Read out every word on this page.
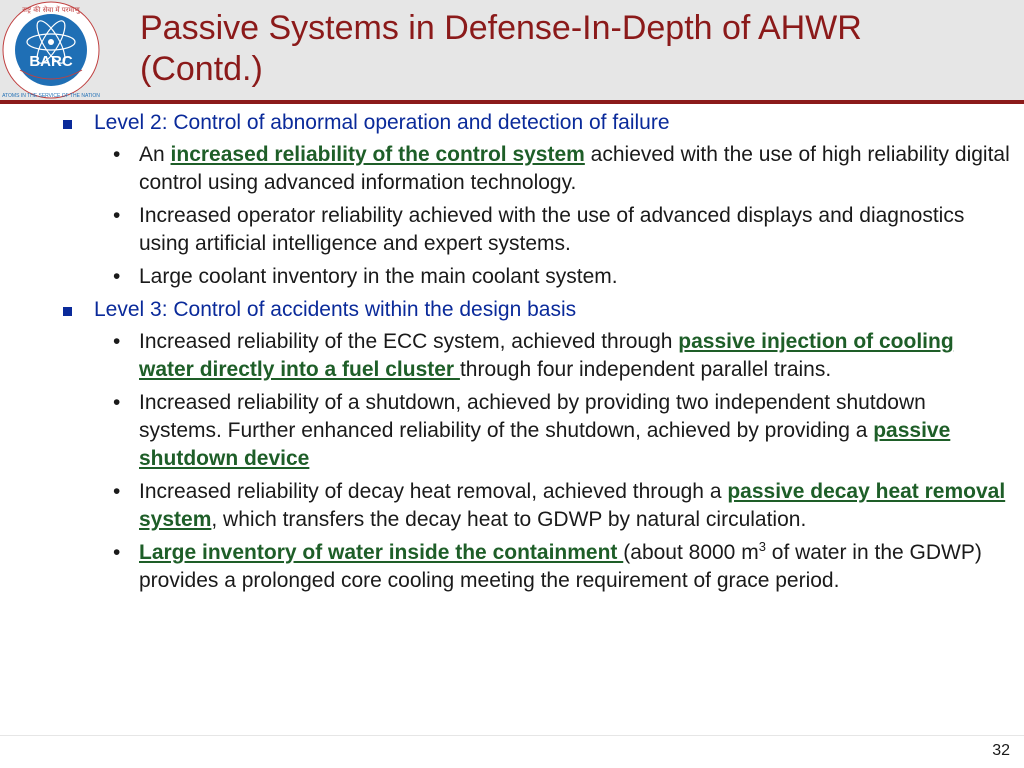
BARC
राष्ट्र की सेवा में परमाणु
ATOMS IN THE SERVICE OF THE NATION
Passive Systems in Defense-In-Depth of AHWR
(Contd.)
Level 2: Control of abnormal operation and detection of failure
• An increased reliability of the control system achieved with the use of high reliability digital control using advanced information technology.
• Increased operator reliability achieved with the use of advanced displays and diagnostics using artificial intelligence and expert systems.
• Large coolant inventory in the main coolant system.
Level 3: Control of accidents within the design basis
• Increased reliability of the ECC system, achieved through passive injection of cooling water directly into a fuel cluster through four independent parallel trains.
• Increased reliability of a shutdown, achieved by providing two independent shutdown systems. Further enhanced reliability of the shutdown, achieved by providing a passive shutdown device
• Increased reliability of decay heat removal, achieved through a passive decay heat removal system, which transfers the decay heat to GDWP by natural circulation.
• Large inventory of water inside the containment (about 8000 $m^3$ of water in the GDWP) provides a prolonged core cooling meeting the requirement of grace period.
32
